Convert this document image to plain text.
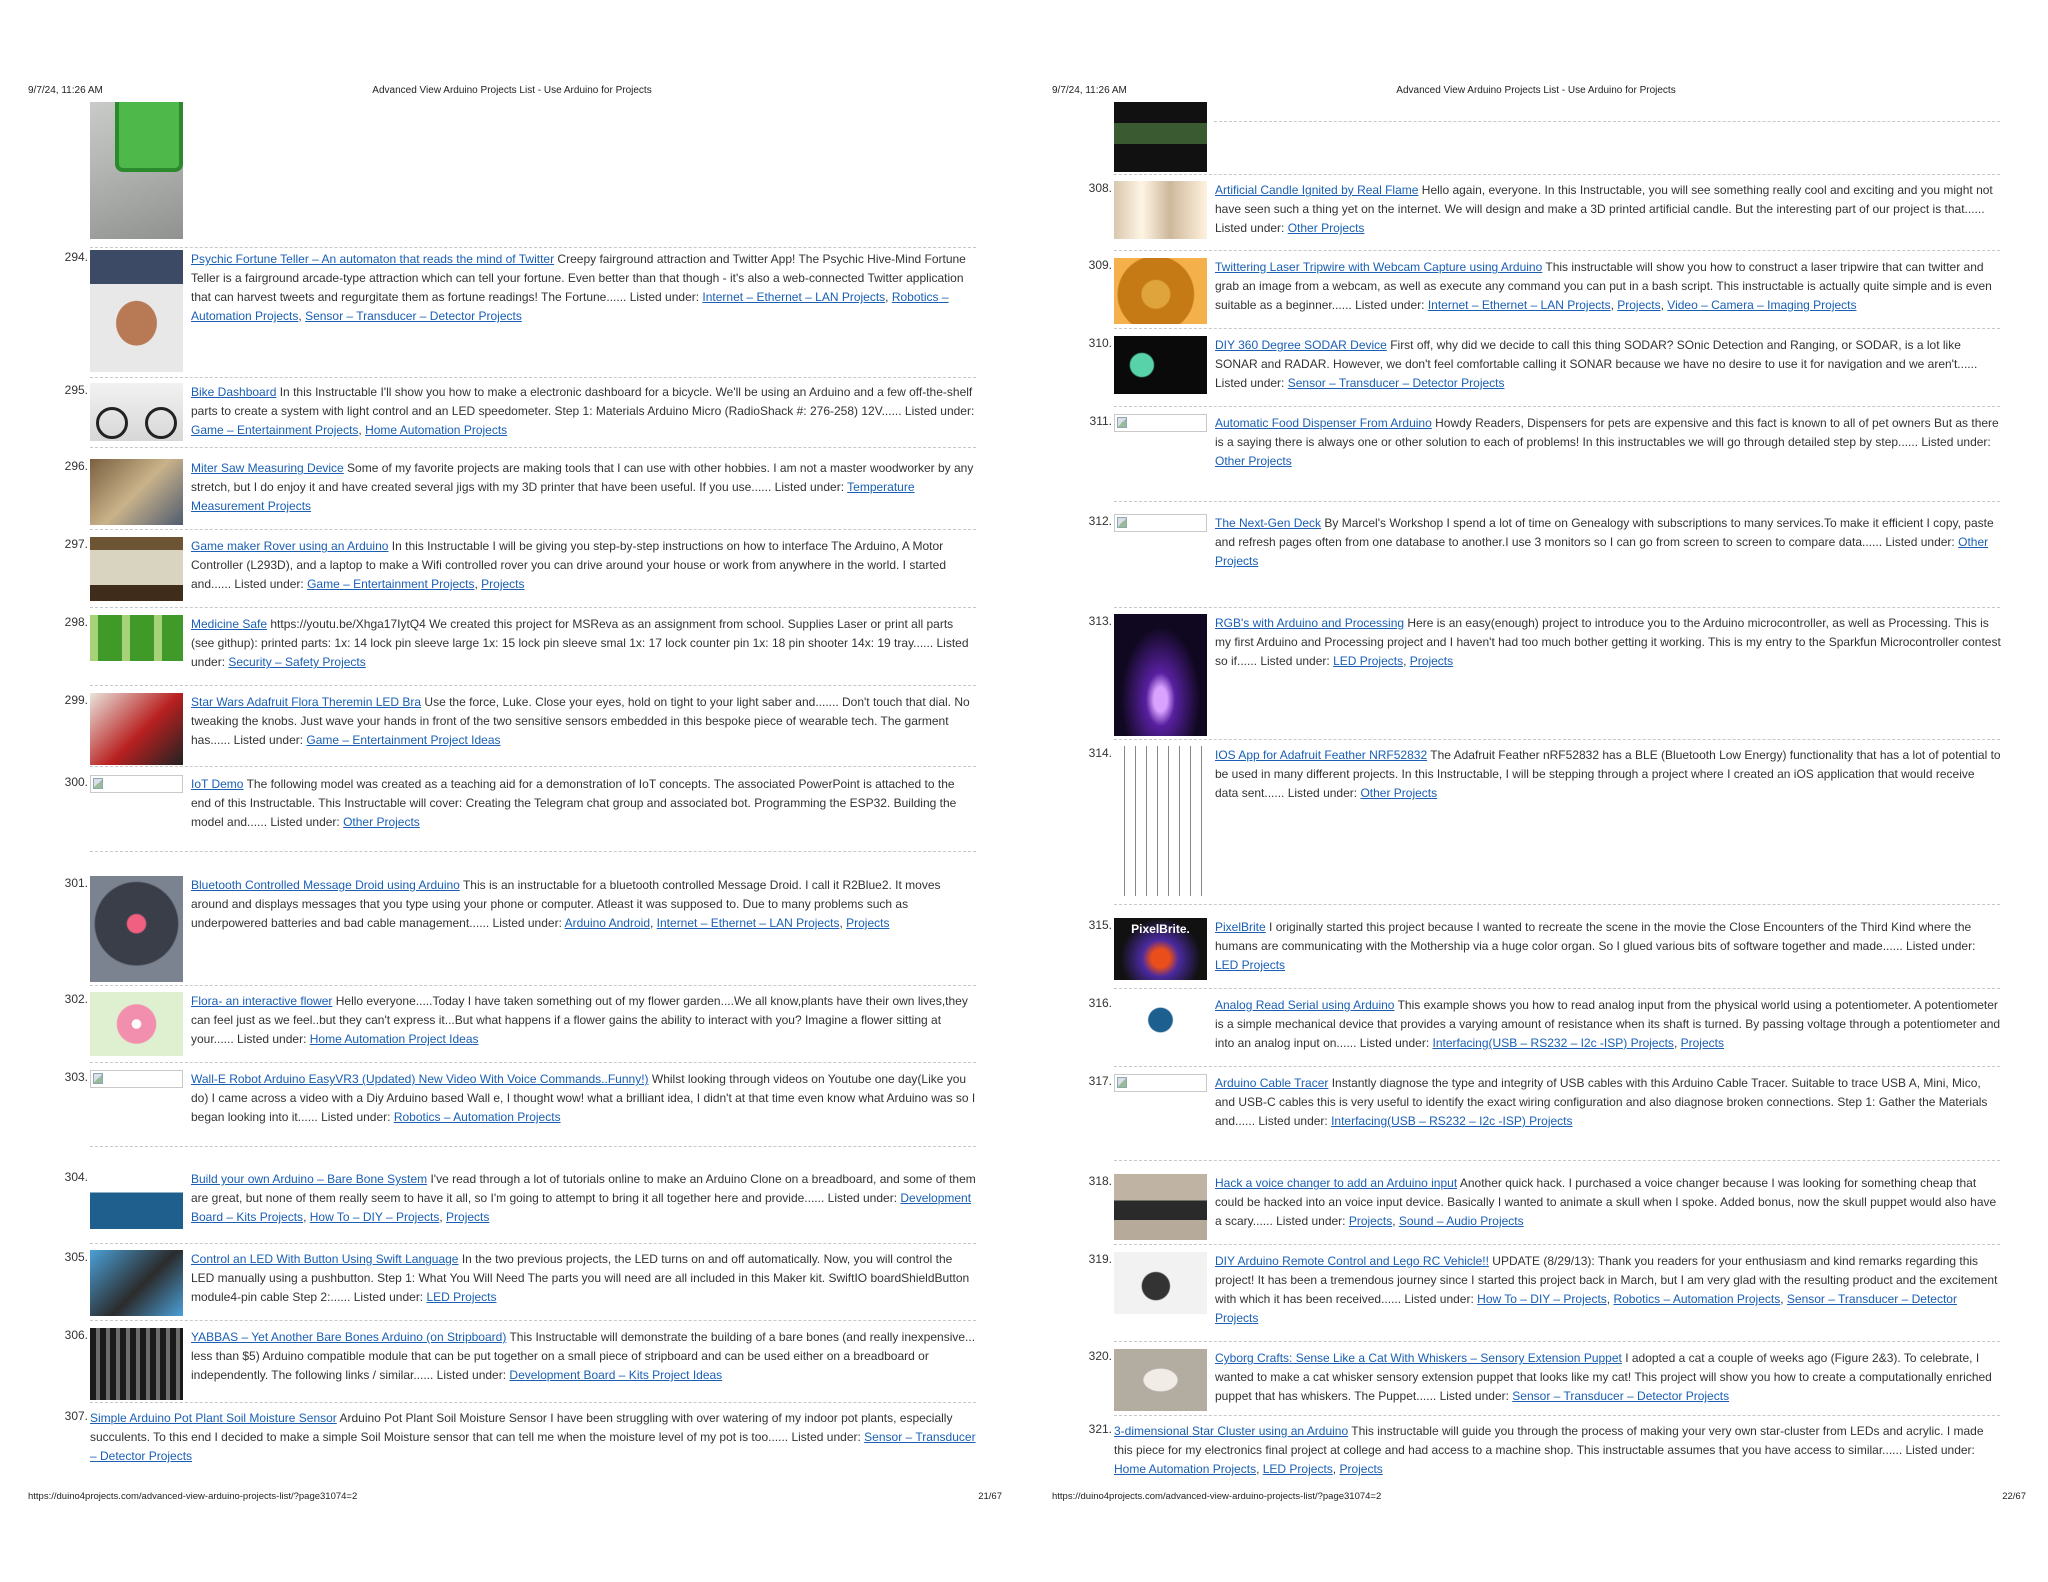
9/7/24, 11:26 AM	Advanced View Arduino Projects List - Use Arduino for Projects
294.	Psychic Fortune Teller – An automaton that reads the mind of Twitter Creepy fairground attraction and Twitter App! The Psychic Hive-Mind Fortune Teller is a fairground arcade-type attraction which can tell your fortune. Even better than that though - it's also a web-connected Twitter application that can harvest tweets and regurgitate them as fortune readings! The Fortune...... Listed under: Internet – Ethernet – LAN Projects, Robotics – Automation Projects, Sensor – Transducer – Detector Projects

295.	Bike Dashboard In this Instructable I'll show you how to make a electronic dashboard for a bicycle. We'll be using an Arduino and a few off-the-shelf parts to create a system with light control and an LED speedometer. Step 1: Materials Arduino Micro (RadioShack #: 276-258) 12V...... Listed under: Game – Entertainment Projects, Home Automation Projects

296.	Miter Saw Measuring Device Some of my favorite projects are making tools that I can use with other hobbies. I am not a master woodworker by any stretch, but I do enjoy it and have created several jigs with my 3D printer that have been useful. If you use...... Listed under: Temperature Measurement Projects

297.	Game maker Rover using an Arduino In this Instructable I will be giving you step-by-step instructions on how to interface The Arduino, A Motor Controller (L293D), and a laptop to make a Wifi controlled rover you can drive around your house or work from anywhere in the world. I started and...... Listed under: Game – Entertainment Projects, Projects

298.	Medicine Safe https://youtu.be/Xhga17IytQ4 We created this project for MSReva as an assignment from school. Supplies Laser or print all parts (see githup): printed parts: 1x: 14 lock pin sleeve large 1x: 15 lock pin sleeve smal 1x: 17 lock counter pin 1x: 18 pin shooter 14x: 19 tray...... Listed under: Security – Safety Projects

299.	Star Wars Adafruit Flora Theremin LED Bra Use the force, Luke. Close your eyes, hold on tight to your light saber and....... Don't touch that dial. No tweaking the knobs. Just wave your hands in front of the two sensitive sensors embedded in this bespoke piece of wearable tech. The garment has...... Listed under: Game – Entertainment Project Ideas

300.	IoT Demo The following model was created as a teaching aid for a demonstration of IoT concepts. The associated PowerPoint is attached to the end of this Instructable. This Instructable will cover: Creating the Telegram chat group and associated bot. Programming the ESP32. Building the model and...... Listed under: Other Projects

301.	Bluetooth Controlled Message Droid using Arduino This is an instructable for a bluetooth controlled Message Droid. I call it R2Blue2. It moves around and displays messages that you type using your phone or computer. Atleast it was supposed to. Due to many problems such as underpowered batteries and bad cable management...... Listed under: Arduino Android, Internet – Ethernet – LAN Projects, Projects

302.	Flora- an interactive flower Hello everyone.....Today I have taken something out of my flower garden....We all know,plants have their own lives,they can feel just as we feel..but they can't express it...But what happens if a flower gains the ability to interact with you? Imagine a flower sitting at your...... Listed under: Home Automation Project Ideas

303.	Wall-E Robot Arduino EasyVR3 (Updated) New Video With Voice Commands..Funny!) Whilst looking through videos on Youtube one day(Like you do) I came across a video with a Diy Arduino based Wall e, I thought wow! what a brilliant idea, I didn't at that time even know what Arduino was so I began looking into it...... Listed under: Robotics – Automation Projects

304.	Build your own Arduino – Bare Bone System I've read through a lot of tutorials online to make an Arduino Clone on a breadboard, and some of them are great, but none of them really seem to have it all, so I'm going to attempt to bring it all together here and provide...... Listed under: Development Board – Kits Projects, How To – DIY – Projects, Projects

305.	Control an LED With Button Using Swift Language In the two previous projects, the LED turns on and off automatically. Now, you will control the LED manually using a pushbutton. Step 1: What You Will Need The parts you will need are all included in this Maker kit. SwiftIO boardShieldButton module4-pin cable Step 2:...... Listed under: LED Projects

306.	YABBAS – Yet Another Bare Bones Arduino (on Stripboard) This Instructable will demonstrate the building of a bare bones (and really inexpensive... less than $5) Arduino compatible module that can be put together on a small piece of stripboard and can be used either on a breadboard or independently. The following links / similar...... Listed under: Development Board – Kits Project Ideas

307. Simple Arduino Pot Plant Soil Moisture Sensor Arduino Pot Plant Soil Moisture Sensor I have been struggling with over watering of my indoor pot plants, especially succulents. To this end I decided to make a simple Soil Moisture sensor that can tell me when the moisture level of my pot is too...... Listed under: Sensor – Transducer – Detector Projects

https://duino4projects.com/advanced-view-arduino-projects-list/?page31074=2	21/67
9/7/24, 11:26 AM	Advanced View Arduino Projects List - Use Arduino for Projects
308.	Artificial Candle Ignited by Real Flame Hello again, everyone. In this Instructable, you will see something really cool and exciting and you might not have seen such a thing yet on the internet. We will design and make a 3D printed artificial candle. But the interesting part of our project is that...... Listed under: Other Projects

309.	Twittering Laser Tripwire with Webcam Capture using Arduino This instructable will show you how to construct a laser tripwire that can twitter and grab an image from a webcam, as well as execute any command you can put in a bash script. This instructable is actually quite simple and is even suitable as a beginner...... Listed under: Internet – Ethernet – LAN Projects, Projects, Video – Camera – Imaging Projects

310.	DIY 360 Degree SODAR Device First off, why did we decide to call this thing SODAR? SOnic Detection and Ranging, or SODAR, is a lot like SONAR and RADAR. However, we don't feel comfortable calling it SONAR because we have no desire to use it for navigation and we aren't...... Listed under: Sensor – Transducer – Detector Projects

311.	Automatic Food Dispenser From Arduino Howdy Readers, Dispensers for pets are expensive and this fact is known to all of pet owners But as there is a saying there is always one or other solution to each of problems! In this instructables we will go through detailed step by step...... Listed under: Other Projects

312.	The Next-Gen Deck By Marcel's Workshop I spend a lot of time on Genealogy with subscriptions to many services.To make it efficient I copy, paste and refresh pages often from one database to another.I use 3 monitors so I can go from screen to screen to compare data...... Listed under: Other Projects

313.	RGB's with Arduino and Processing Here is an easy(enough) project to introduce you to the Arduino microcontroller, as well as Processing. This is my first Arduino and Processing project and I haven't had too much bother getting it working. This is my entry to the Sparkfun Microcontroller contest so if...... Listed under: LED Projects, Projects

314.	IOS App for Adafruit Feather NRF52832 The Adafruit Feather nRF52832 has a BLE (Bluetooth Low Energy) functionality that has a lot of potential to be used in many different projects. In this Instructable, I will be stepping through a project where I created an iOS application that would receive data sent...... Listed under: Other Projects

315.	PixelBrite.	PixelBrite I originally started this project because I wanted to recreate the scene in the movie the Close Encounters of the Third Kind where the humans are communicating with the Mothership via a huge color organ. So I glued various bits of software together and made...... Listed under: LED Projects

316.	Analog Read Serial using Arduino This example shows you how to read analog input from the physical world using a potentiometer. A potentiometer is a simple mechanical device that provides a varying amount of resistance when its shaft is turned. By passing voltage through a potentiometer and into an analog input on...... Listed under: Interfacing(USB – RS232 – I2c -ISP) Projects, Projects

317.	Arduino Cable Tracer Instantly diagnose the type and integrity of USB cables with this Arduino Cable Tracer. Suitable to trace USB A, Mini, Mico, and USB-C cables this is very useful to identify the exact wiring configuration and also diagnose broken connections. Step 1: Gather the Materials and...... Listed under: Interfacing(USB – RS232 – I2c -ISP) Projects

318.	Hack a voice changer to add an Arduino input Another quick hack. I purchased a voice changer because I was looking for something cheap that could be hacked into an voice input device. Basically I wanted to animate a skull when I spoke. Added bonus, now the skull puppet would also have a scary...... Listed under: Projects, Sound – Audio Projects

319.	DIY Arduino Remote Control and Lego RC Vehicle!! UPDATE (8/29/13): Thank you readers for your enthusiasm and kind remarks regarding this project! It has been a tremendous journey since I started this project back in March, but I am very glad with the resulting product and the excitement with which it has been received...... Listed under: How To – DIY – Projects, Robotics – Automation Projects, Sensor – Transducer – Detector Projects

320.	Cyborg Crafts: Sense Like a Cat With Whiskers – Sensory Extension Puppet I adopted a cat a couple of weeks ago (Figure 2&3). To celebrate, I wanted to make a cat whisker sensory extension puppet that looks like my cat! This project will show you how to create a computationally enriched puppet that has whiskers. The Puppet...... Listed under: Sensor – Transducer – Detector Projects

321. 3-dimensional Star Cluster using an Arduino This instructable will guide you through the process of making your very own star-cluster from LEDs and acrylic. I made this piece for my electronics final project at college and had access to a machine shop. This instructable assumes that you have access to similar...... Listed under: Home Automation Projects, LED Projects, Projects

https://duino4projects.com/advanced-view-arduino-projects-list/?page31074=2	22/67
